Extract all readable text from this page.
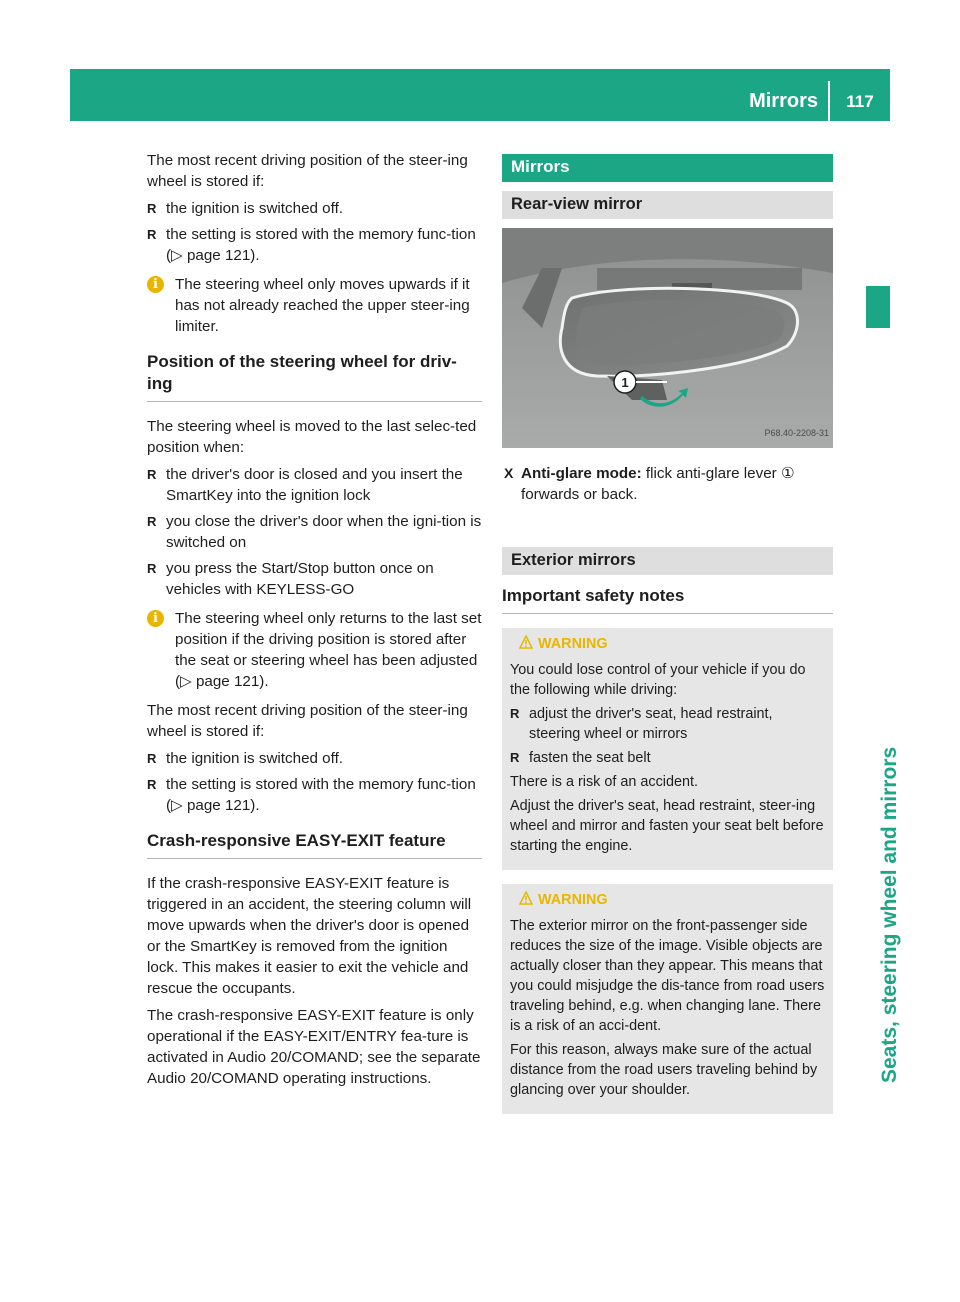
Mirrors	117
Seats, steering wheel and mirrors

The most recent driving position of the steer-ing wheel is stored if:

R the ignition is switched off.
R the setting is stored with the memory func-tion (▷ page 121).
i	The steering wheel only moves upwards if it has not already reached the upper steer-ing limiter.
Position of the steering wheel for driv-ing

The steering wheel is moved to the last selec-ted position when:

R the driver's door is closed and you insert the SmartKey into the ignition lock
R you close the driver's door when the igni-tion is switched on
R you press the Start/Stop button once on vehicles with KEYLESS-GO
i	The steering wheel only returns to the last set position if the driving position is stored after the seat or steering wheel has been adjusted (▷ page 121).

The most recent driving position of the steer-ing wheel is stored if:

R the ignition is switched off.
R the setting is stored with the memory func-tion (▷ page 121).
Crash-responsive EASY-EXIT feature

If the crash-responsive EASY-EXIT feature is triggered in an accident, the steering column will move upwards when the driver's door is opened or the SmartKey is removed from the ignition lock. This makes it easier to exit the vehicle and rescue the occupants.

The crash-responsive EASY-EXIT feature is only operational if the EASY-EXIT/ENTRY fea-ture is activated in Audio 20/COMAND; see the separate Audio 20/COMAND operating instructions.

Mirrors
Rear-view mirror
1
P68.40-2208-31
X Anti-glare mode: flick anti-glare lever ① forwards or back.
Exterior mirrors
Important safety notes
WARNING

You could lose control of your vehicle if you do the following while driving:

R adjust the driver's seat, head restraint, steering wheel or mirrors
R fasten the seat belt

There is a risk of an accident.

Adjust the driver's seat, head restraint, steer-ing wheel and mirror and fasten your seat belt before starting the engine.

WARNING

The exterior mirror on the front-passenger side reduces the size of the image. Visible objects are actually closer than they appear. This means that you could misjudge the dis-tance from road users traveling behind, e.g. when changing lane. There is a risk of an acci-dent.

For this reason, always make sure of the actual distance from the road users traveling behind by glancing over your shoulder.
